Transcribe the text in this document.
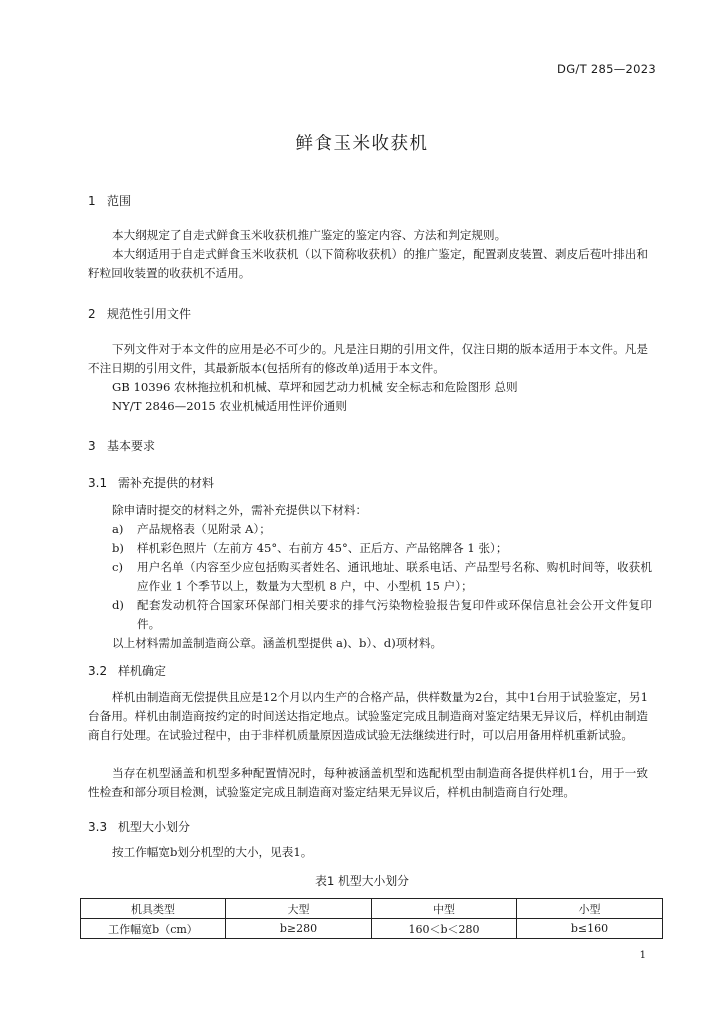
DG/T 285—2023
鲜食玉米收获机
1 范围

本大纲规定了自走式鲜食玉米收获机推广鉴定的鉴定内容、方法和判定规则。

本大纲适用于自走式鲜食玉米收获机（以下简称收获机）的推广鉴定，配置剥皮装置、剥皮后苞叶排出和籽粒回收装置的收获机不适用。

2 规范性引用文件

下列文件对于本文件的应用是必不可少的。凡是注日期的引用文件，仅注日期的版本适用于本文件。凡是不注日期的引用文件，其最新版本(包括所有的修改单)适用于本文件。

GB 10396 农林拖拉机和机械、草坪和园艺动力机械 安全标志和危险图形 总则
NY/T 2846—2015 农业机械适用性评价通则
3 基本要求
3.1 需补充提供的材料
除申请时提交的材料之外，需补充提供以下材料：
a) 产品规格表（见附录 A）；
b) 样机彩色照片（左前方 45°、右前方 45°、正后方、产品铭牌各 1 张）；
c) 用户名单（内容至少应包括购买者姓名、通讯地址、联系电话、产品型号名称、购机时间等，收获机应作业 1 个季节以上，数量为大型机 8 户，中、小型机 15 户）；
d) 配套发动机符合国家环保部门相关要求的排气污染物检验报告复印件或环保信息社会公开文件复印件。
以上材料需加盖制造商公章。涵盖机型提供 a)、b）、d)项材料。
3.2 样机确定

样机由制造商无偿提供且应是12个月以内生产的合格产品，供样数量为2台，其中1台用于试验鉴定，另1台备用。样机由制造商按约定的时间送达指定地点。试验鉴定完成且制造商对鉴定结果无异议后，样机由制造商自行处理。在试验过程中，由于非样机质量原因造成试验无法继续进行时，可以启用备用样机重新试验。

当存在机型涵盖和机型多种配置情况时，每种被涵盖机型和选配机型由制造商各提供样机1台，用于一致性检查和部分项目检测，试验鉴定完成且制造商对鉴定结果无异议后，样机由制造商自行处理。

3.3 机型大小划分

按工作幅宽b划分机型的大小，见表1。

表1 机型大小划分
机具类型	大型	中型	小型
工作幅宽b（cm）	b≥280	160＜b＜280	b≤160
1
